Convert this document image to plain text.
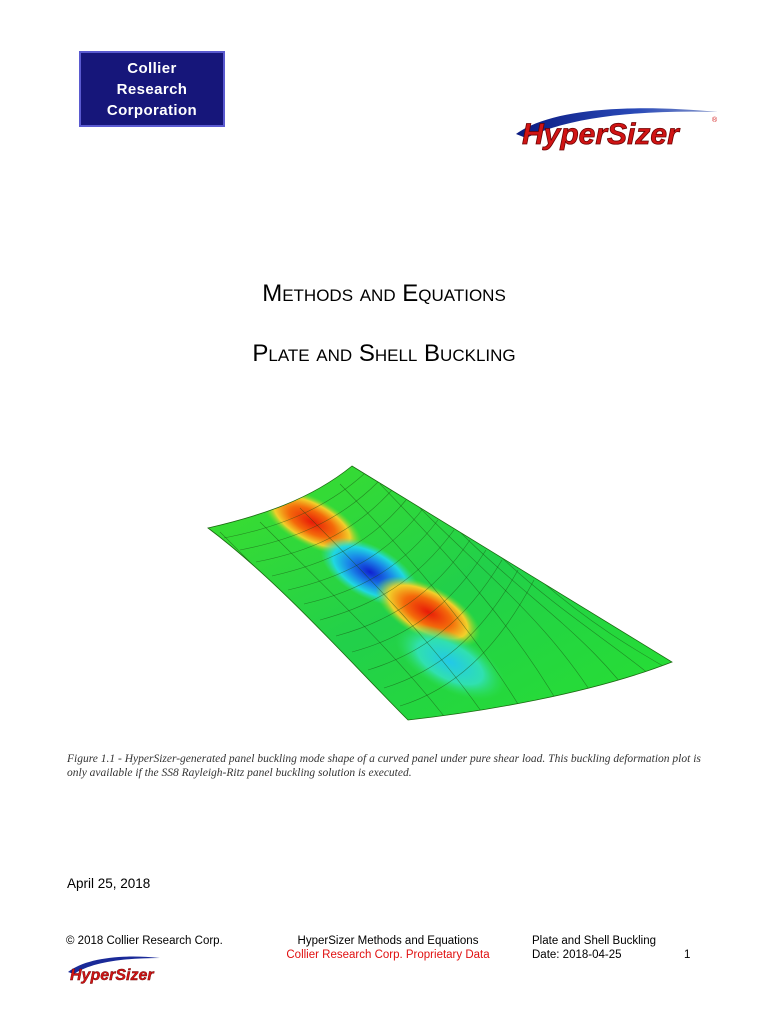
Collier
Research
Corporation
HyperSizer	®
Methods and Equations
Plate and Shell Buckling
Figure 1.1 - HyperSizer-generated panel buckling mode shape of a curved panel under pure shear load. This buckling deformation plot is only available if the SS8 Rayleigh-Ritz panel buckling solution is executed.
April 25, 2018
© 2018 Collier Research Corp.	HyperSizer Methods and Equations
Collier Research Corp. Proprietary Data
Plate and Shell Buckling
Date: 2018-04-25	1
HyperSizer
